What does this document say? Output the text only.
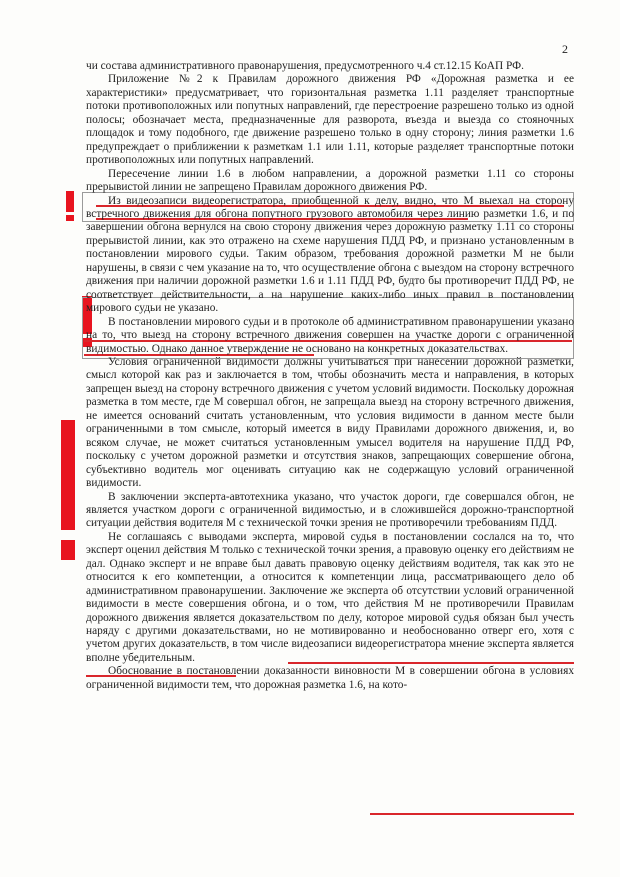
2

чи состава административного правонарушения, предусмотренного ч.4 ст.12.15 КоАП РФ.

Приложение №2 к Правилам дорожного движения РФ «Дорожная разметка и ее характеристики» предусматривает, что горизонтальная разметка 1.11 разделяет транспортные потоки противоположных или попутных направлений, где перестроение разрешено только из одной полосы; обозначает места, предназначенные для разворота, въезда и выезда со стояночных площадок и тому подобного, где движение разрешено только в одну сторону; линия разметки 1.6 предупреждает о приближении к разметкам 1.1 или 1.11, которые разделяет транспортные потоки противоположных или попутных направлений.

Пересечение линии 1.6 в любом направлении, а дорожной разметки 1.11 со стороны прерывистой линии не запрещено Правилам дорожного движения РФ.

Из видеозаписи видеорегистратора, приобщенной к делу, видно, что М выехал на сторону встречного движения для обгона попутного грузового автомобиля через линию разметки 1.6, и по завершении обгона вернулся на свою сторону движения через дорожную разметку 1.11 со стороны прерывистой линии, как это отражено на схеме нарушения ПДД РФ, и признано установленным в постановлении мирового судьи. Таким образом, требования дорожной разметки М не были нарушены, в связи с чем указание на то, что осуществление обгона с выездом на сторону встречного движения при наличии дорожной разметки 1.6 и 1.11 ПДД РФ, будто бы противоречит ПДД РФ, не соответствует действительности, а на нарушение каких-либо иных правил в постановлении мирового судьи не указано.

В постановлении мирового судьи и в протоколе об административном правонарушении указано на то, что выезд на сторону встречного движения совершен на участке дороги с ограниченной видимостью. Однако данное утверждение не основано на конкретных доказательствах.

Условия ограниченной видимости должны учитываться при нанесении дорожной разметки, смысл которой как раз и заключается в том, чтобы обозначить места и направления, в которых запрещен выезд на сторону встречного движения с учетом условий видимости. Поскольку дорожная разметка в том месте, где М совершал обгон, не запрещала выезд на сторону встречного движения, не имеется оснований считать установленным, что условия видимости в данном месте были ограниченными в том смысле, который имеется в виду Правилами дорожного движения, и, во всяком случае, не может считаться установленным умысел водителя на нарушение ПДД РФ, поскольку с учетом дорожной разметки и отсутствия знаков, запрещающих совершение обгона, субъективно водитель мог оценивать ситуацию как не содержащую условий ограниченной видимости.

В заключении эксперта-автотехника указано, что участок дороги, где совершался обгон, не является участком дороги с ограниченной видимостью, и в сложившейся дорожно-транспортной ситуации действия водителя М с технической точки зрения не противоречили требованиям ПДД.

Не соглашаясь с выводами эксперта, мировой судья в постановлении сослался на то, что эксперт оценил действия М только с технической точки зрения, а правовую оценку его действиям не дал. Однако эксперт и не вправе был давать правовую оценку действиям водителя, так как это не относится к его компетенции, а относится к компетенции лица, рассматривающего дело об административном правонарушении. Заключение же эксперта об отсутствии условий ограниченной видимости в месте совершения обгона, и о том, что действия М не противоречили Правилам дорожного движения является доказательством по делу, которое мировой судья обязан был учесть наряду с другими доказательствами, но не мотивированно и необоснованно отверг его, хотя с учетом других доказательств, в том числе видеозаписи видеорегистратора мнение эксперта является вполне убедительным.

Обоснование в постановлении доказанности виновности М в совершении обгона в условиях ограниченной видимости тем, что дорожная разметка 1.6, на кото-
